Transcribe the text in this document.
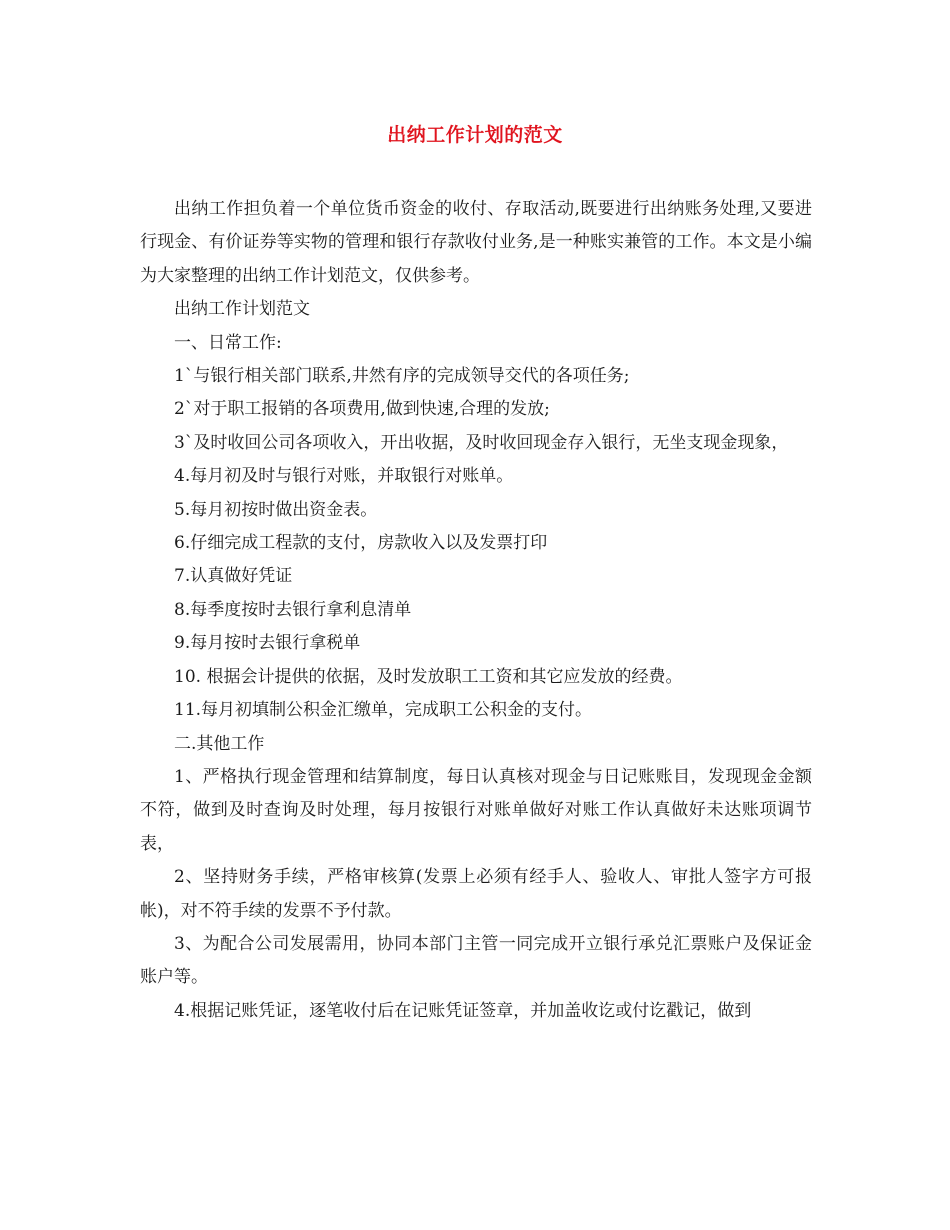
出纳工作计划的范文

出纳工作担负着一个单位货币资金的收付、存取活动,既要进行出纳账务处理,又要进行现金、有价证券等实物的管理和银行存款收付业务,是一种账实兼管的工作。本文是小编为大家整理的出纳工作计划范文，仅供参考。

出纳工作计划范文

一、日常工作:

1`与银行相关部门联系,井然有序的完成领导交代的各项任务;

2`对于职工报销的各项费用,做到快速,合理的发放;

3`及时收回公司各项收入，开出收据，及时收回现金存入银行，无坐支现金现象，

4.每月初及时与银行对账，并取银行对账单。

5.每月初按时做出资金表。

6.仔细完成工程款的支付，房款收入以及发票打印

7.认真做好凭证

8.每季度按时去银行拿利息清单

9.每月按时去银行拿税单

10. 根据会计提供的依据，及时发放职工工资和其它应发放的经费。

11.每月初填制公积金汇缴单，完成职工公积金的支付。

二.其他工作

1、严格执行现金管理和结算制度，每日认真核对现金与日记账账目，发现现金金额不符，做到及时查询及时处理，每月按银行对账单做好对账工作认真做好未达账项调节表，

2、坚持财务手续，严格审核算(发票上必须有经手人、验收人、审批人签字方可报帐)，对不符手续的发票不予付款。

3、为配合公司发展需用，协同本部门主管一同完成开立银行承兑汇票账户及保证金账户等。

4.根据记账凭证，逐笔收付后在记账凭证签章，并加盖收讫或付讫戳记，做到
